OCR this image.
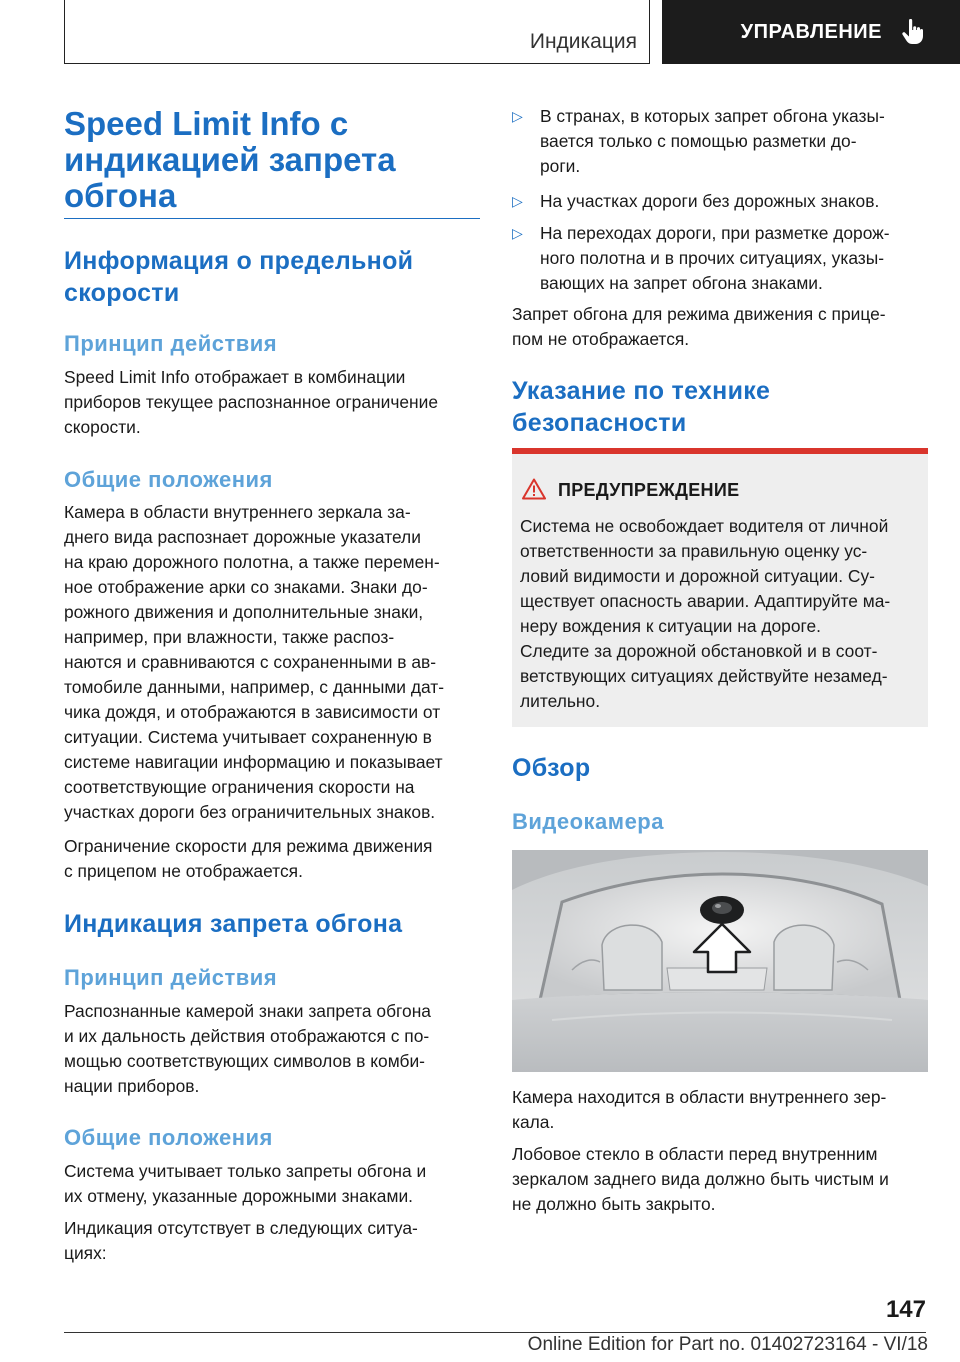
Индикация	УПРАВЛЕНИЕ
Speed Limit Info с
индикацией запрета
обгона
Информация о предельной
скорости
Принцип действия
Speed Limit Info отображает в комбинации
приборов текущее распознанное ограничение
скорости.
Общие положения
Камера в области внутреннего зеркала за‐
днего вида распознает дорожные указатели
на краю дорожного полотна, а также перемен‐
ное отображение арки со знаками. Знаки до‐
рожного движения и дополнительные знаки,
например, при влажности, также распоз‐
наются и сравниваются с сохраненными в ав‐
томобиле данными, например, с данными дат‐
чика дождя, и отображаются в зависимости от
ситуации. Система учитывает сохраненную в
системе навигации информацию и показывает
соответствующие ограничения скорости на
участках дороги без ограничительных знаков.
Ограничение скорости для режима движения
с прицепом не отображается.
Индикация запрета обгона
Принцип действия
Распознанные камерой знаки запрета обгона
и их дальность действия отображаются с по‐
мощью соответствующих символов в комби‐
нации приборов.
Общие положения
Система учитывает только запреты обгона и
их отмену, указанные дорожными знаками.
Индикация отсутствует в следующих ситуа‐
циях:
▷ В странах, в которых запрет обгона указы‐
вается только с помощью разметки до‐
роги.
▷ На участках дороги без дорожных знаков.
▷ На переходах дороги, при разметке дорож‐
ного полотна и в прочих ситуациях, указы‐
вающих на запрет обгона знаками.
Запрет обгона для режима движения с прице‐
пом не отображается.
Указание по технике
безопасности
ПРЕДУПРЕЖДЕНИЕ
Система не освобождает водителя от личной
ответственности за правильную оценку ус‐
ловий видимости и дорожной ситуации. Су‐
ществует опасность аварии. Адаптируйте ма‐
неру вождения к ситуации на дороге.
Следите за дорожной обстановкой и в соот‐
ветствующих ситуациях действуйте незамед‐
лительно.
Обзор
Видеокамера
Камера находится в области внутреннего зер‐
кала.
Лобовое стекло в области перед внутренним
зеркалом заднего вида должно быть чистым и
не должно быть закрыто.
147
Online Edition for Part no. 01402723164 - VI/18
